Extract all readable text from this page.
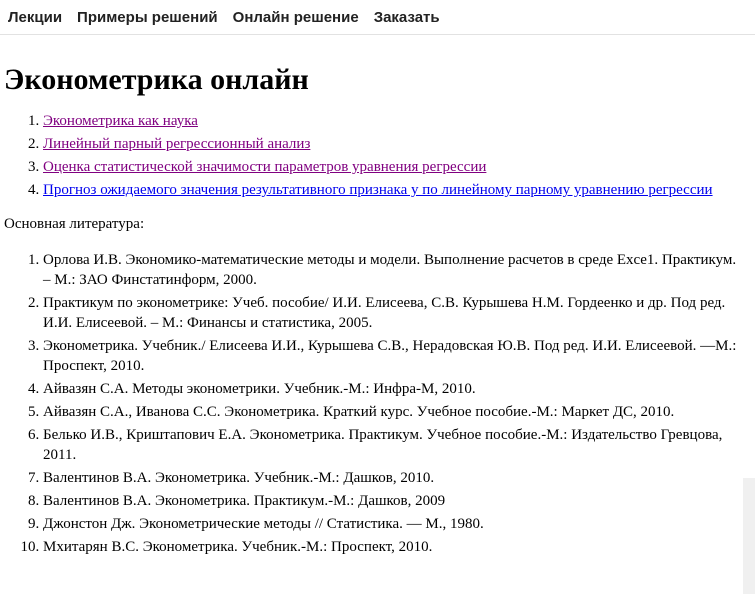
Лекции Примеры решений Онлайн решение Заказать
Эконометрика онлайн
1. Эконометрика как наука
2. Линейный парный регрессионный анализ
3. Оценка статистической значимости параметров уравнения регрессии
4. Прогноз ожидаемого значения результативного признака y по линейному парному уравнению регрессии

Основная литература:

1. Орлова И.В. Экономико-математические методы и модели. Выполнение расчетов в среде Exce1. Практикум. – М.: ЗАО Финстатинформ, 2000.
2. Практикум по эконометрике: Учеб. пособие/ И.И. Елисеева, С.В. Курышева Н.М. Гордеенко и др. Под ред. И.И. Елисеевой. – М.: Финансы и статистика, 2005.
3. Эконометрика. Учебник./ Елисеева И.И., Курышева С.В., Нерадовская Ю.В. Под ред. И.И. Елисеевой. —М.: Проспект, 2010.
4. Айвазян С.А. Методы эконометрики. Учебник.-М.: Инфра-М, 2010.
5. Айвазян С.А., Иванова С.С. Эконометрика. Краткий курс. Учебное пособие.-М.: Маркет ДС, 2010.
6. Белько И.В., Криштапович Е.А. Эконометрика. Практикум. Учебное пособие.-М.: Издательство Гревцова, 2011.
7. Валентинов В.А. Эконометрика. Учебник.-М.: Дашков, 2010.
8. Валентинов В.А. Эконометрика. Практикум.-М.: Дашков, 2009
9. Джонстон Дж. Эконометрические методы // Статистика. — М., 1980.
10. Мхитарян В.С. Эконометрика. Учебник.-М.: Проспект, 2010.
